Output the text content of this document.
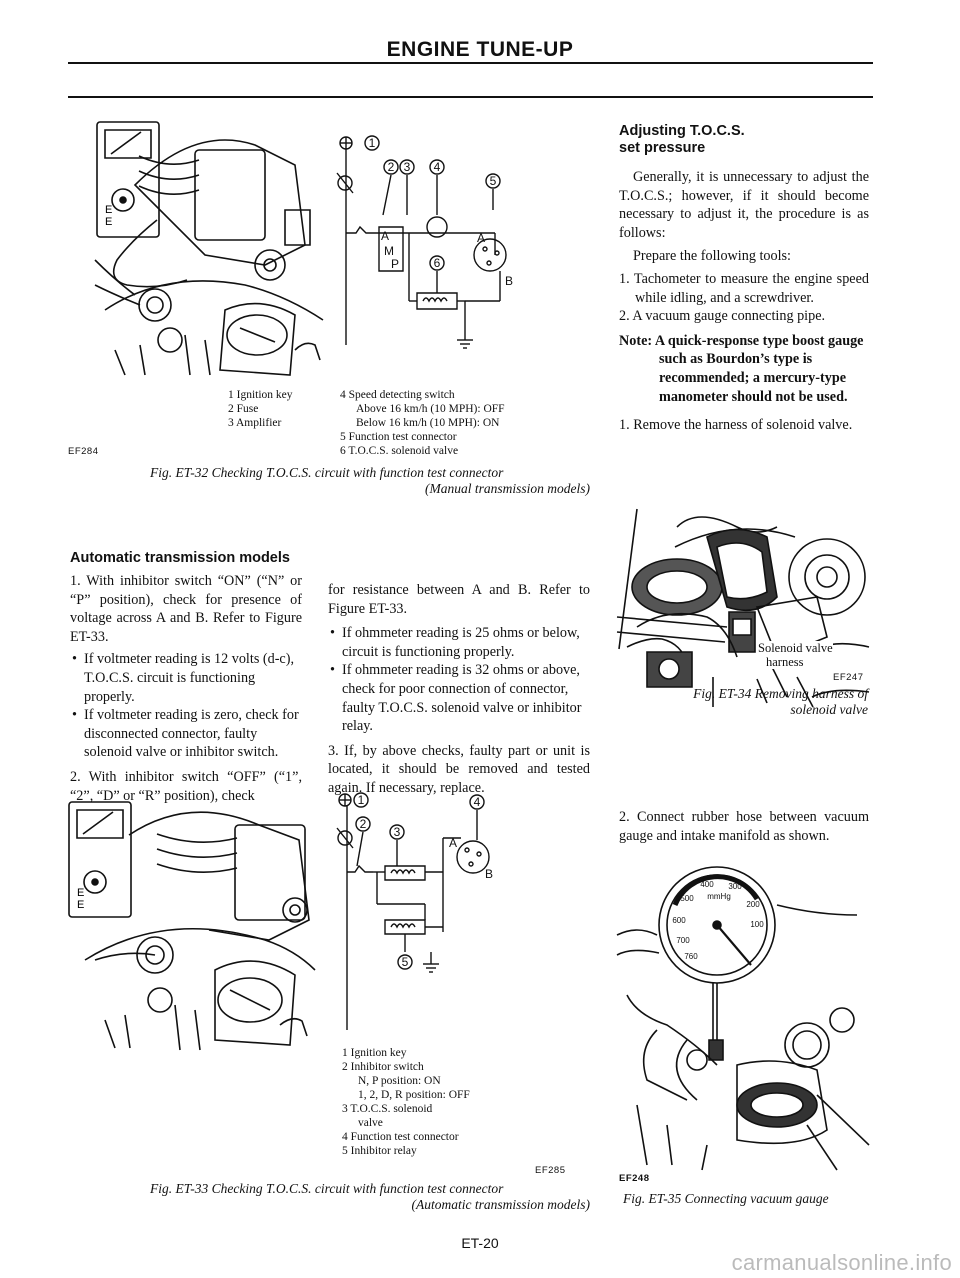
ENGINE TUNE-UP
E
E
1
2 3 4
5
6
A
M
P
A
B
1 Ignition key
2 Fuse
3 Amplifier
4 Speed detecting switch
Above 16 km/h (10 MPH): OFF
Below 16 km/h (10 MPH): ON
5 Function test connector
6 T.O.C.S. solenoid valve
EF284
Fig. ET-32 Checking T.O.C.S. circuit with function test connector
(Manual transmission models)
Automatic transmission models

1. With inhibitor switch “ON” (“N” or “P” position), check for presence of voltage across A and B. Refer to Figure ET-33.

• If voltmeter reading is 12 volts (d-c), T.O.C.S. circuit is functioning properly.
• If voltmeter reading is zero, check for disconnected connector, faulty solenoid valve or inhibitor switch.

2. With inhibitor switch “OFF” (“1”, “2”, “D” or “R” position), check

for resistance between A and B. Refer to Figure ET-33.

• If ohmmeter reading is 25 ohms or below, circuit is functioning properly.
• If ohmmeter reading is 32 ohms or above, check for poor connection of connector, faulty T.O.C.S. solenoid valve or inhibitor relay.

3. If, by above checks, faulty part or unit is located, it should be removed and tested again. If necessary, replace.

E
E
1
2
3
4
5
A
B
1 Ignition key
2 Inhibitor switch
N, P position: ON
1, 2, D, R position: OFF
3 T.O.C.S. solenoid
valve
4 Function test connector
5 Inhibitor relay
EF285
Fig. ET-33 Checking T.O.C.S. circuit with function test connector
(Automatic transmission models)
Adjusting T.O.C.S.
set pressure

Generally, it is unnecessary to adjust the T.O.C.S.; however, if it should become necessary to adjust it, the procedure is as follows:

Prepare the following tools:

1. Tachometer to measure the engine speed while idling, and a screwdriver.

2. A vacuum gauge connecting pipe.

Note: A quick-response type boost gauge such as Bourdon’s type is recommended; a mercury-type manometer should not be used.

1. Remove the harness of solenoid valve.

Solenoid valve
harness
EF247
Fig. ET-34 Removing harness of
solenoid valve
2. Connect rubber hose between vacuum gauge and intake manifold as shown.
400 300
500
200
600	100
700
760
mmHg
EF248
Fig. ET-35 Connecting vacuum gauge
ET-20
carmanualsonline.info
